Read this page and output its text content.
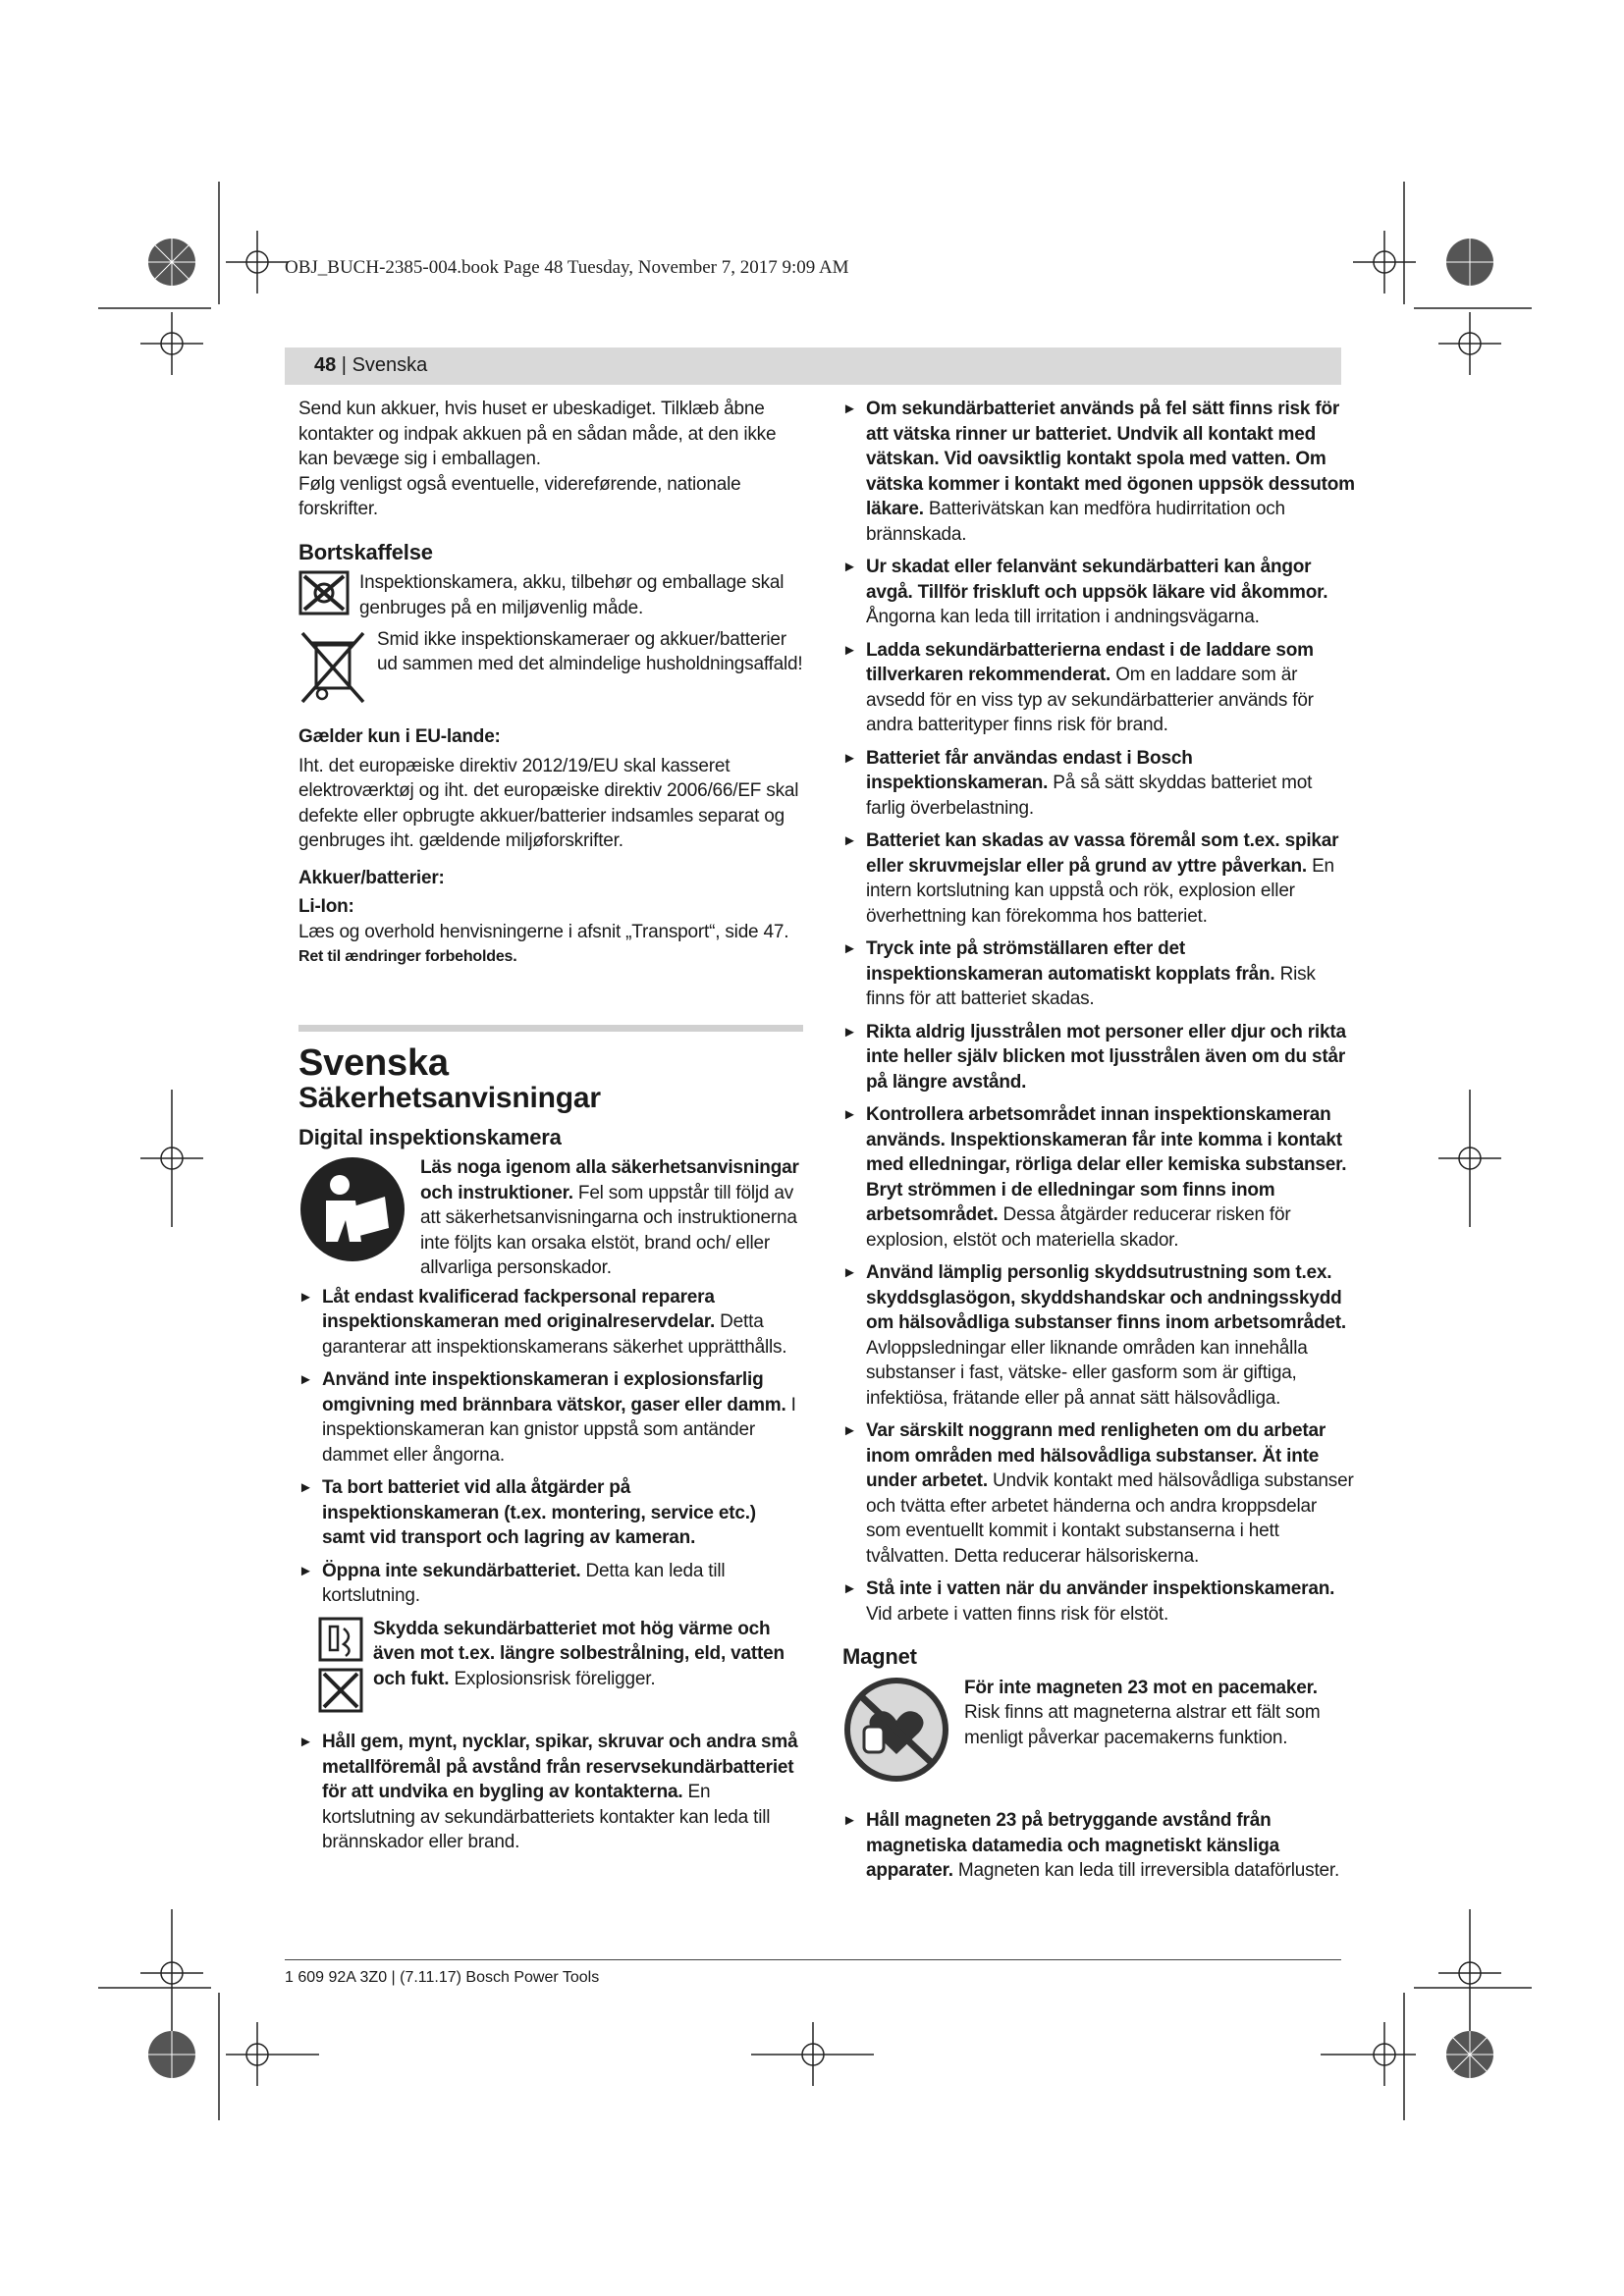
OBJ_BUCH-2385-004.book Page 48 Tuesday, November 7, 2017 9:09 AM
48 | Svenska

Send kun akkuer, hvis huset er ubeskadiget. Tilklæb åbne kontakter og indpak akkuen på en sådan måde, at den ikke kan bevæge sig i emballagen.

Følg venligst også eventuelle, videreførende, nationale forskrifter.

Bortskaffelse

Inspektionskamera, akku, tilbehør og emballage skal genbruges på en miljøvenlig måde.

Smid ikke inspektionskameraer og akkuer/batterier ud sammen med det almindelige husholdningsaffald!

Gælder kun i EU-lande:

Iht. det europæiske direktiv 2012/19/EU skal kasseret elektroværktøj og iht. det europæiske direktiv 2006/66/EF skal defekte eller opbrugte akkuer/batterier indsamles separat og genbruges iht. gældende miljøforskrifter.

Akkuer/batterier:

Li-Ion:

Læs og overhold henvisningerne i afsnit „Transport“, side 47.

Ret til ændringer forbeholdes.

Svenska
Säkerhetsanvisningar
Digital inspektionskamera

Läs noga igenom alla säkerhetsanvisningar och instruktioner. Fel som uppstår till följd av att säkerhetsanvisningarna och instruktionerna inte följts kan orsaka elstöt, brand och/ eller allvarliga personskador.

► Låt endast kvalificerad fackpersonal reparera inspektionskameran med originalreservdelar. Detta garanterar att inspektionskamerans säkerhet upprätthålls.
► Använd inte inspektionskameran i explosionsfarlig omgivning med brännbara vätskor, gaser eller damm. I inspektionskameran kan gnistor uppstå som antänder dammet eller ångorna.
► Ta bort batteriet vid alla åtgärder på inspektionskameran (t.ex. montering, service etc.) samt vid transport och lagring av kameran.
► Öppna inte sekundärbatteriet. Detta kan leda till kortslutning.

Skydda sekundärbatteriet mot hög värme och även mot t.ex. längre solbestrålning, eld, vatten och fukt. Explosionsrisk föreligger.

► Håll gem, mynt, nycklar, spikar, skruvar och andra små metallföremål på avstånd från reservsekundärbatteriet för att undvika en bygling av kontakterna. En kortslutning av sekundärbatteriets kontakter kan leda till brännskador eller brand.
► Om sekundärbatteriet används på fel sätt finns risk för att vätska rinner ur batteriet. Undvik all kontakt med vätskan. Vid oavsiktlig kontakt spola med vatten. Om vätska kommer i kontakt med ögonen uppsök dessutom läkare. Batterivätskan kan medföra hudirritation och brännskada.
► Ur skadat eller felanvänt sekundärbatteri kan ångor avgå. Tillför friskluft och uppsök läkare vid åkommor. Ångorna kan leda till irritation i andningsvägarna.
► Ladda sekundärbatterierna endast i de laddare som tillverkaren rekommenderat. Om en laddare som är avsedd för en viss typ av sekundärbatterier används för andra batterityper finns risk för brand.
► Batteriet får användas endast i Bosch inspektionskameran. På så sätt skyddas batteriet mot farlig överbelastning.
► Batteriet kan skadas av vassa föremål som t.ex. spikar eller skruvmejslar eller på grund av yttre påverkan. En intern kortslutning kan uppstå och rök, explosion eller överhettning kan förekomma hos batteriet.
► Tryck inte på strömställaren efter det inspektionskameran automatiskt kopplats från. Risk finns för att batteriet skadas.
► Rikta aldrig ljusstrålen mot personer eller djur och rikta inte heller själv blicken mot ljusstrålen även om du står på längre avstånd.
► Kontrollera arbetsområdet innan inspektionskameran används. Inspektionskameran får inte komma i kontakt med elledningar, rörliga delar eller kemiska substanser. Bryt strömmen i de elledningar som finns inom arbetsområdet. Dessa åtgärder reducerar risken för explosion, elstöt och materiella skador.
► Använd lämplig personlig skyddsutrustning som t.ex. skyddsglasögon, skyddshandskar och andningsskydd om hälsovådliga substanser finns inom arbetsområdet. Avloppsledningar eller liknande områden kan innehålla substanser i fast, vätske- eller gasform som är giftiga, infektiösa, frätande eller på annat sätt hälsovådliga.
► Var särskilt noggrann med renligheten om du arbetar inom områden med hälsovådliga substanser. Ät inte under arbetet. Undvik kontakt med hälsovådliga substanser och tvätta efter arbetet händerna och andra kroppsdelar som eventuellt kommit i kontakt substanserna i hett tvålvatten. Detta reducerar hälsoriskerna.
► Stå inte i vatten när du använder inspektionskameran. Vid arbete i vatten finns risk för elstöt.
Magnet

För inte magneten 23 mot en pacemaker. Risk finns att magneterna alstrar ett fält som menligt påverkar pacemakerns funktion.

► Håll magneten 23 på betryggande avstånd från magnetiska datamedia och magnetiskt känsliga apparater. Magneten kan leda till irreversibla dataförluster.
1 609 92A 3Z0 | (7.11.17) Bosch Power Tools
